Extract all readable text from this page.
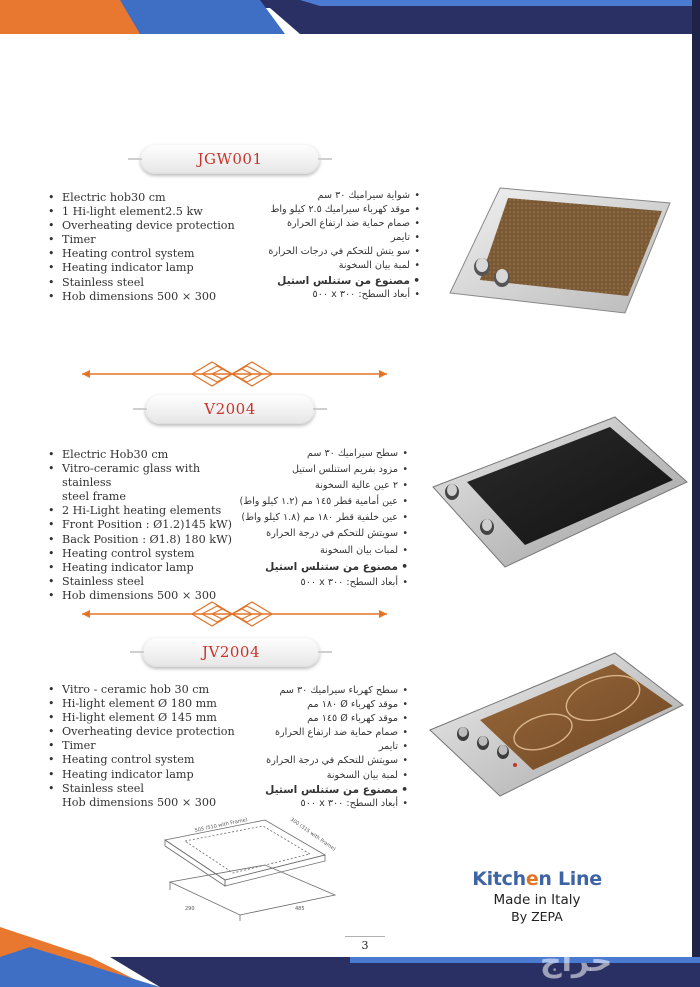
JGW001
• Electric hob30 cm
• 1 Hi-light element2.5 kw
• Overheating device protection
• Timer
• Heating control system
• Heating indicator lamp
• Stainless steel
• Hob dimensions 500 × 300
• شواية سيراميك ٣٠ سم
• موقد كهرباء سيراميك ٢.٥ كيلو واط
• صمام حماية ضد ارتفاع الحرارة
• تايمر
• سو يتش للتحكم في درجات الحرارة
• لمبة بيان السخونة
• مصنوع من ستنلس استيل
• أبعاد السطح: ٣٠٠ x ٥٠٠
V2004
• Electric Hob30 cm
• Vitro-ceramic glass with stainless
steel frame
• 2 Hi-Light heating elements
• Front Position : Ø1.2)145 kW)
• Back Position : Ø1.8) 180 kW)
• Heating control system
• Heating indicator lamp
• Stainless steel
• Hob dimensions 500 × 300
• سطح سيراميك ٣٠ سم
• مزود بفريم استنلس استيل
• ٢ عين عالية السخونة
• عين أمامية قطر ١٤٥ مم (١.٢ كيلو واط)
• عين خلفية قطر ١٨٠ مم (١.٨ كيلو واط)
• سويتش للتحكم في درجة الحرارة
• لمبات بيان السخونة
• مصنوع من ستنلس استيل
• أبعاد السطح: ٣٠٠ x ٥٠٠
JV2004
• Vitro - ceramic hob 30 cm
• Hi-light element Ø 180 mm
• Hi-light element Ø 145 mm
• Overheating device protection
• Timer
• Heating control system
• Heating indicator lamp
• Stainless steel
Hob dimensions 500 × 300
• سطح كهرباء سيراميك ٣٠ سم
• موقد كهرباء Ø ١٨٠ مم
• موقد كهرباء Ø ١٤٥ مم
• صمام حماية ضد ارتفاع الحرارة
• تايمر
• سويتش للتحكم في درجة الحرارة
• لمبة بيان السخونة
• مصنوع من ستنلس استيل
• أبعاد السطح: ٣٠٠ x ٥٠٠
505 (510 with Frame)	300 (315 with Frame)
290	485
Kitchen Line
Made in Italy
By ZEPA
3	حراج
